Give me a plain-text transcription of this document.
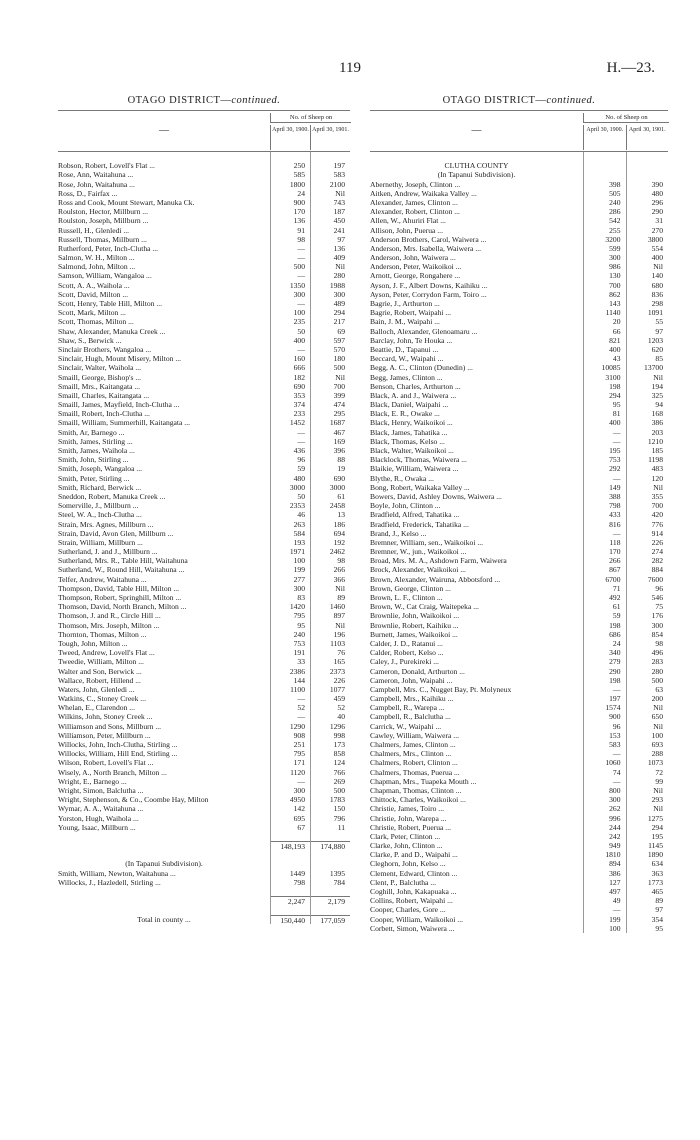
119	H.—23.
OTAGO DISTRICT—continued.
—
No. of Sheep on
April 30, 1900. April 30, 1901.
Robson, Robert, Lovell's Flat ...	250	197
Rose, Ann, Waitahuna ...	585	583
Rose, John, Waitahuna ...	1800	2100
Ross, D., Fairfax ...	24	Nil
Ross and Cook, Mount Stewart, Manuka Ck.	900	743
Roulston, Hector, Millburn ...	170	187
Roulston, Joseph, Millburn ...	136	450
Russell, H., Glenledi ...	91	241
Russell, Thomas, Millburn ...	98	97
Rutherford, Peter, Inch-Clutha ...	—	136
Salmon, W. H., Milton ...	—	409
Salmond, John, Milton ...	500	Nil
Samson, William, Wangaloa ...	—	280
Scott, A. A., Waihola ...	1350	1988
Scott, David, Milton ...	300	300
Scott, Henry, Table Hill, Milton ...	—	489
Scott, Mark, Milton ...	100	294
Scott, Thomas, Milton ...	235	217
Shaw, Alexander, Manuka Creek ...	50	69
Shaw, S., Berwick ...	400	597
Sinclair Brothers, Wangaloa ...	—	570
Sinclair, Hugh, Mount Misery, Milton ...	160	180
Sinclair, Walter, Waihola ...	666	500
Smaill, George, Bishop's ...	182	Nil
Smaill, Mrs., Kaitangata ...	690	700
Smaill, Charles, Kaitangata ...	353	399
Smaill, James, Mayfield, Inch-Clutha ...	374	474
Smaill, Robert, Inch-Clutha ...	233	295
Smaill, William, Summerhill, Kaitangata ...	1452	1687
Smith, Ar, Barnego ...	—	467
Smith, James, Stirling ...	—	169
Smith, James, Waihola ...	436	396
Smith, John, Stirling ...	96	88
Smith, Joseph, Wangaloa ...	59	19
Smith, Peter, Stirling ...	480	690
Smith, Richard, Berwick ...	3000	3000
Sneddon, Robert, Manuka Creek ...	50	61
Somerville, J., Millburn ...	2353	2458
Steel, W. A., Inch-Clutha ...	46	13
Strain, Mrs. Agnes, Millburn ...	263	186
Strain, David, Avon Glen, Millburn ...	584	694
Strain, William, Millburn ...	193	192
Sutherland, J. and J., Millburn ...	1971	2462
Sutherland, Mrs. R., Table Hill, Waitahuna	100	98
Sutherland, W., Round Hill, Waitahuna ...	199	266
Telfer, Andrew, Waitahuna ...	277	366
Thompson, David, Table Hill, Milton ...	300	Nil
Thompson, Robert, Springhill, Milton ...	83	89
Thomson, David, North Branch, Milton ...	1420	1460
Thomson, J. and R., Circle Hill ...	795	897
Thomson, Mrs. Joseph, Milton ...	95	Nil
Thornton, Thomas, Milton ...	240	196
Tough, John, Milton ...	753	1103
Tweed, Andrew, Lovell's Flat ...	191	76
Tweedie, William, Milton ...	33	165
Walter and Son, Berwick ...	2386	2373
Wallace, Robert, Hillend ...	144	226
Waters, John, Glenledi ...	1100	1077
Watkins, C., Stoney Creek ...	—	459
Whelan, E., Clarendon ...	52	52
Wilkins, John, Stoney Creek ...	—	40
Williamson and Sons, Millburn ...	1290	1296
Williamson, Peter, Millburn ...	908	998
Willocks, John, Inch-Clutha, Stirling ...	251	173
Willocks, William, Hill End, Stirling ...	795	858
Wilson, Robert, Lovell's Flat ...	171	124
Wisely, A., North Branch, Milton ...	1120	766
Wright, E., Barnego ...	—	269
Wright, Simon, Balclutha ...	300	500
Wright, Stephenson, & Co., Coombe Hay, Milton	4950	1783
Wymar, A. A., Waitahuna ...	142	150
Yorston, Hugh, Waihola ...	695	796
Young, Isaac, Millburn ...	67	11
148,193	174,880
(In Tapanui Subdivision).
Smith, William, Newton, Waitahuna ...	1449	1395
Willocks, J., Hazledell, Stirling ...	798	784
2,247	2,179
Total in county ...	150,440	177,059
OTAGO DISTRICT—continued.
—
No. of Sheep on
April 30, 1900. April 30, 1901.
CLUTHA COUNTY
(In Tapanui Subdivision).
Abernethy, Joseph, Clinton ...	398	390
Aitken, Andrew, Waikaka Valley ...	505	480
Alexander, James, Clinton ...	240	296
Alexander, Robert, Clinton ...	286	290
Allen, W., Ahuriri Flat ...	542	31
Allison, John, Puerua ...	255	270
Anderson Brothers, Carol, Waiwera ...	3200	3800
Anderson, Mrs. Isabella, Waiwera ...	599	554
Anderson, John, Waiwera ...	300	400
Anderson, Peter, Waikoikoi ...	986	Nil
Arnott, George, Rongahere ...	130	140
Ayson, J. F., Albert Downs, Kaihiku ...	700	680
Ayson, Peter, Corrydon Farm, Toiro ...	862	836
Bagrie, J., Arthurton ...	143	298
Bagrie, Robert, Waipahi ...	1140	1091
Bain, J. M., Waipahi ...	20	55
Balloch, Alexander, Glenoamaru ...	66	97
Barclay, John, Te Houka ...	821	1203
Beattie, D., Tapanui ...	400	620
Beccard, W., Waipahi ...	43	85
Begg, A. C., Clinton (Dunedin) ...	10085	13700
Begg, James, Clinton ...	3100	Nil
Benson, Charles, Arthurton ...	198	194
Black, A. and J., Waiwera ...	294	325
Black, Daniel, Waipahi ...	95	94
Black, E. R., Owake ...	81	168
Black, Henry, Waikoikoi ...	400	386
Black, James, Tahatika ...	—	203
Black, Thomas, Kelso ...	—	1210
Black, Walter, Waikoikoi ...	195	185
Blacklock, Thomas, Waiwera ...	753	1198
Blaikie, William, Waiwera ...	292	483
Blythe, R., Owaka ...	—	120
Bong, Robert, Waikaka Valley ...	149	Nil
Bowers, David, Ashley Downs, Waiwera ...	388	355
Boyle, John, Clinton ...	798	700
Bradfield, Alfred, Tahatika ...	433	420
Bradfield, Frederick, Tahatika ...	816	776
Brand, J., Kelso ...	—	914
Bremner, William, sen., Waikoikoi ...	118	226
Bremner, W., jun., Waikoikoi ...	170	274
Broad, Mrs. M. A., Ashdown Farm, Waiwera	266	282
Brock, Alexander, Waikoikoi ...	867	884
Brown, Alexander, Wairuna, Abbotsford ...	6700	7600
Brown, George, Clinton ...	71	96
Brown, L. F., Clinton ...	492	546
Brown, W., Cat Craig, Waitepeka ...	61	75
Brownlie, John, Waikoikoi ...	59	176
Brownlie, Robert, Kaihiku ...	198	300
Burnett, James, Waikoikoi ...	686	854
Calder, J. D., Ratanui ...	24	98
Calder, Robert, Kelso ...	340	496
Caley, J., Purekireki ...	279	283
Cameron, Donald, Arthurton ...	290	280
Cameron, John, Waipahi ...	198	500
Campbell, Mrs. C., Nugget Bay, Pt. Molyneux	—	63
Campbell, Mrs., Kaihiku ...	197	200
Campbell, R., Warepa ...	1574	Nil
Campbell, R., Balclutha ...	900	650
Carrick, W., Waipahi ...	96	Nil
Cawley, William, Waiwera ...	153	100
Chalmers, James, Clinton ...	583	693
Chalmers, Mrs., Clinton ...	—	288
Chalmers, Robert, Clinton ...	1060	1073
Chalmers, Thomas, Puerua ...	74	72
Chapman, Mrs., Tuapeka Mouth ...	—	99
Chapman, Thomas, Clinton ...	800	Nil
Chittock, Charles, Waikoikoi ...	300	293
Christie, James, Toiro ...	262	Nil
Christie, John, Warepa ...	996	1275
Christie, Robert, Puerua ...	244	294
Clark, Peter, Clinton ...	242	195
Clarke, John, Clinton ...	949	1145
Clarke, P. and D., Waipahi ...	1810	1890
Cleghorn, John, Kelso ...	894	634
Clement, Edward, Clinton ...	386	363
Clent, P., Balclutha ...	127	1773
Coghill, John, Kakapuaka ...	497	465
Collins, Robert, Waipahi ...	49	89
Cooper, Charles, Gore ...	—	97
Cooper, William, Waikoikoi ...	199	354
Corbett, Simon, Waiwera ...	100	95
